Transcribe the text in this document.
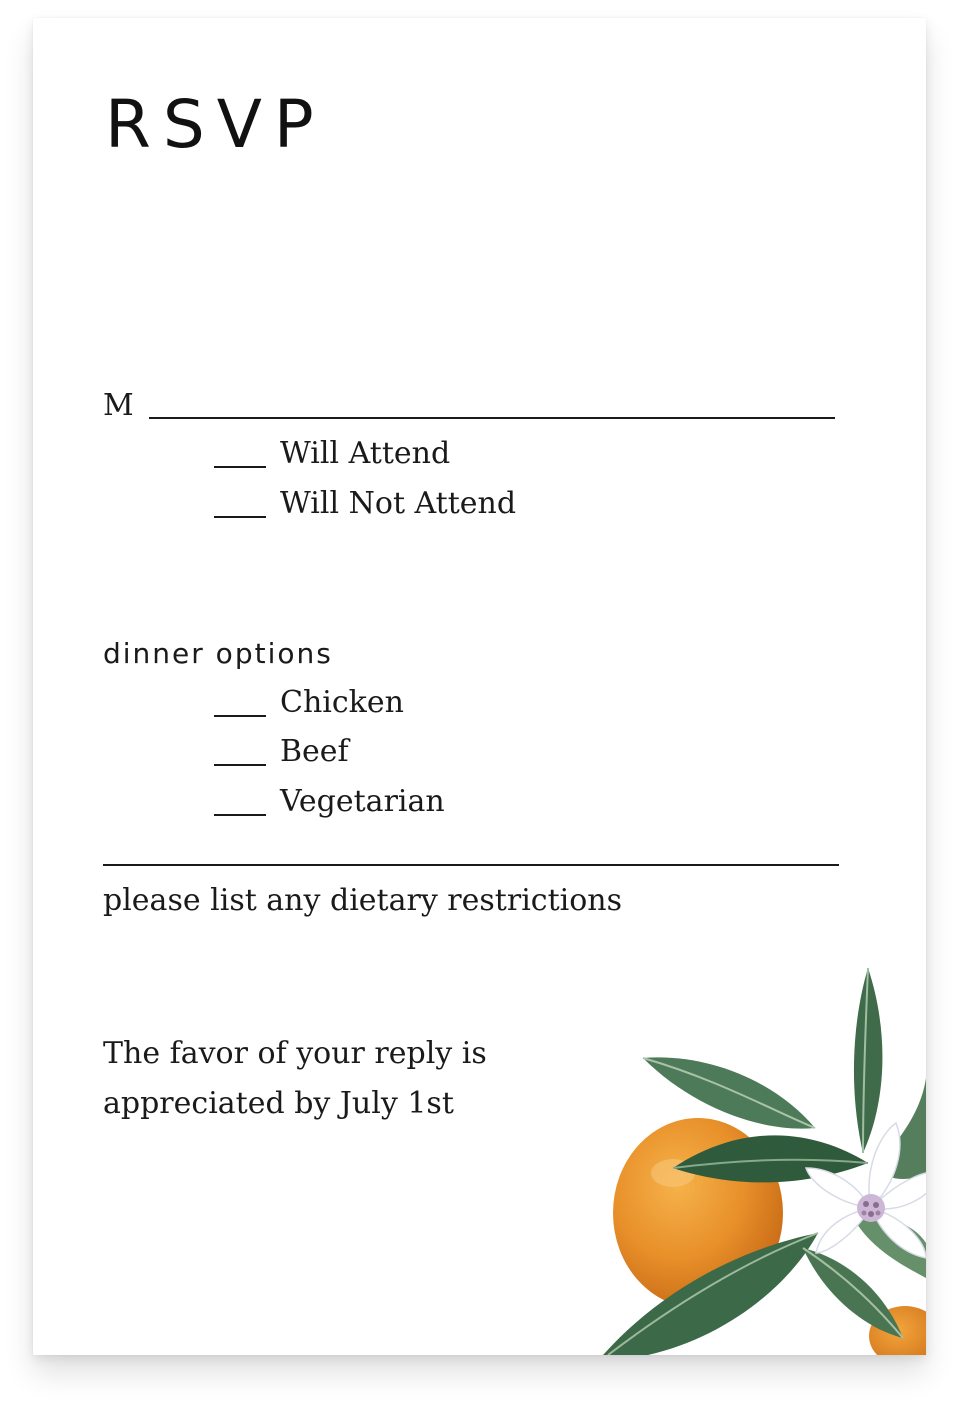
RSVP
M
Will Attend
Will Not Attend
dinner options
Chicken
Beef
Vegetarian
please list any dietary restrictions
The favor of your reply is
appreciated by July 1st
